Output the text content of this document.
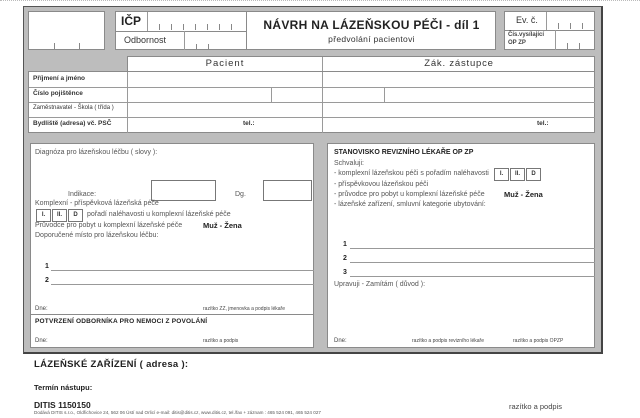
IČP
Odbornost
NÁVRH NA LÁZEŇSKOU PÉČI - díl 1
předvolání pacientovi
Ev. č.
Čís.vysílající
OP ZP
Pacient	Zák. zástupce
Příjmení a jméno
Číslo pojištěnce
Zaměstnavatel - Škola ( třída )
Bydliště (adresa) vč. PSČ	tel.:	tel.:
Diagnóza pro lázeňskou léčbu ( slovy ):
Indikace:	Dg.
Komplexní - příspěvková lázeňská péče
I.	II.	D	pořadí naléhavosti u komplexní lázeňské péče
Průvodce pro pobyt u komplexní lázeňské péče	Muž - Žena
Doporučené místo pro lázeňskou léčbu:
1
2
Dne:	razítko ZZ, jmenovka a podpis lékaře
POTVRZENÍ ODBORNÍKA PRO NEMOCI Z POVOLÁNÍ
Dne:	razítko a podpis
STANOVISKO REVIZNÍHO LÉKAŘE OP ZP
Schvaluji:
- komplexní lázeňskou péči s pořadím naléhavosti	I.	II.	D
- příspěvkovou lázeňskou péči
- průvodce pro pobyt u komplexní lázeňské péče	Muž - Žena
- lázeňské zařízení, smluvní kategorie ubytování:
1
2
3
Upravuji - Zamítám ( důvod ):
Dne:	razítko a podpis revizního lékaře	razítko a podpis OPZP
LÁZEŇSKÉ ZAŘÍZENÍ ( adresa ):
Termín nástupu:
DITIS 1150150
Dodává DITIS s.r.o., Oldřichovice 24, 562 06 Ústí nad Orlicí e-mail: ditis@ditis.cz, www.ditis.cz, tel./fax + záznam : 465 524 091, 465 524 027
razítko a podpis
